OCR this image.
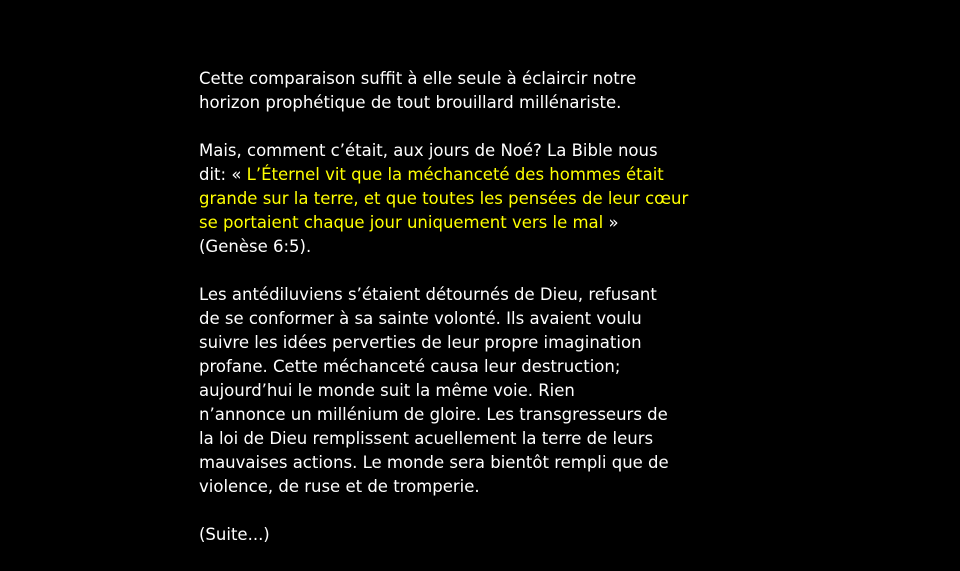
Cette comparaison suffit à elle seule à éclaircir notre
horizon prophétique de tout brouillard millénariste.
Mais, comment c’était, aux jours de Noé? La Bible nous
dit: « L’Éternel vit que la méchanceté des hommes était
grande sur la terre, et que toutes les pensées de leur cœur
se portaient chaque jour uniquement vers le mal »
(Genèse 6:5).
Les antédiluviens s’étaient détournés de Dieu, refusant
de se conformer à sa sainte volonté. Ils avaient voulu
suivre les idées perverties de leur propre imagination
profane. Cette méchanceté causa leur destruction;
aujourd’hui le monde suit la même voie. Rien
n’annonce un millénium de gloire. Les transgresseurs de
la loi de Dieu remplissent acuellement la terre de leurs
mauvaises actions. Le monde sera bientôt rempli que de
violence, de ruse et de tromperie.
(Suite...)
